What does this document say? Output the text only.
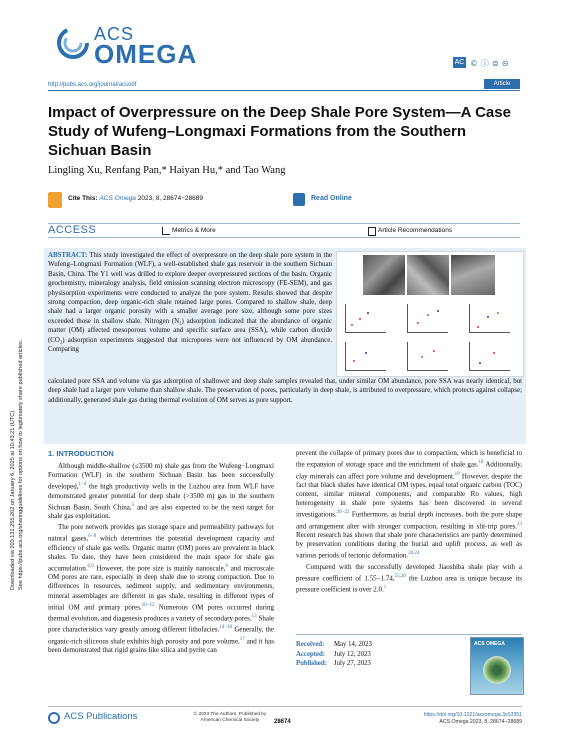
ACS
OMEGA	AC ©ⓘ⊜⊝
http://pubs.acs.org/journal/acsodf	Article
Impact of Overpressure on the Deep Shale Pore System—A Case Study of Wufeng–Longmaxi Formations from the Southern Sichuan Basin
Lingling Xu, Renfang Pan,* Haiyan Hu,* and Tao Wang
Cite This: ACS Omega 2023, 8, 28674−28689	Read Online
ACCESS	Metrics & More	Article Recommendations
ABSTRACT: This study investigated the effect of overpressure on the deep shale pore system in the Wufeng–Longmaxi Formation (WLF), a well-established shale gas reservoir in the southern Sichuan Basin, China. The Y1 well was drilled to explore deeper overpressured sections of the basin. Organic geochemistry, mineralogy analysis, field emission scanning electron microscopy (FE-SEM), and gas physisorption experiments were conducted to analyze the pore system. Results showed that despite strong compaction, deep organic-rich shale retained large pores. Compared to shallow shale, deep shale had a larger organic porosity with a smaller average pore size, although some pore sizes exceeded those in shallow shale. Nitrogen (N₂) adsorption indicated that the abundance of organic matter (OM) affected mesoporous volume and specific surface area (SSA), while carbon dioxide (CO₂) adsorption experiments suggested that micropores were not influenced by OM abundance. Comparing
calculated pore SSA and volume via gas adsorption of shallower and deep shale samples revealed that, under similar OM abundance, pore SSA was nearly identical, but deep shale had a larger pore volume than shallow shale. The preservation of pores, particularly in deep shale, is attributed to overpressure, which protects against collapse; additionally, generated shale gas during thermal evolution of OM serves as pore support.
Downloaded via 203.131.255.202 on January 6, 2025 at 10:43:21 (UTC). See https://pubs.acs.org/sharingguidelines for options on how to legitimately share published articles.	1. INTRODUCTION

Although middle-shallow (≤3500 m) shale gas from the Wufeng−Longmaxi Formation (WLF) in the southern Sichuan Basin has been successfully developed,$^{1-4}$ the high productivity wells in the Luzhou area from WLF have demonstrated greater potential for deep shale (>3500 m) gas in the southern Sichuan Basin, South China,$^5$ and are also expected to be the next target for shale gas exploitation.

The pore network provides gas storage space and permeability pathways for natural gases,$^{6-8}$ which determines the potential development capacity and efficiency of shale gas wells. Organic matter (OM) pores are prevalent in black shales. To date, they have been considered the main space for shale gas accumulation.$^{6,9}$ However, the pore size is mainly nanoscale,$^6$ and microscale OM pores are rare, especially in deep shale due to strong compaction. Due to differences in resources, sediment supply, and sedimentary environments, mineral assemblages are different in gas shale, resulting in different types of initial OM and primary pores.$^{10-12}$ Numerous OM pores occurred during thermal evolution, and diagenesis produces a variety of secondary pores.$^{13}$ Shale pore characteristics vary greatly among different lithofacies.$^{14-16}$ Generally, the organic-rich siliceous shale exhibits high porosity and pore volume,$^{17}$ and it has been demonstrated that rigid grains like silica and pyrite can

prevent the collapse of primary pores due to compaction, which is beneficial to the expansion of storage space and the enrichment of shale gas.$^{18}$ Additionally, clay minerals can affect pore volume and development.$^{19}$ However, despite the fact that black shales have identical OM types, equal total organic carbon (TOC) content, similar mineral components, and comparable Ro values, high heterogeneity in shale pore systems has been discovered in several investigations.$^{20-22}$ Furthermore, as burial depth increases, both the pore shape and arrangement alter with stronger compaction, resulting in slit-trip pores.$^{23}$ Recent research has shown that shale pore characteristics are partly determined by preservation conditions during the burial and uplift process, as well as various periods of tectonic deformation.$^{20,24}$

Compared with the successfully developed Jiaoshiba shale play with a pressure coefficient of 1.55−1.74,$^{25,26}$ the Luzhou area is unique because its pressure coefficient is over 2.0.$^1$

Received: May 14, 2023
Accepted: July 12, 2023
Published: July 27, 2023
ACS OMEGA
ACS Publications	© 2023 The Authors. Published by
American Chemical Society	28674
https://doi.org/10.1021/acsomega.3c03351
ACS Omega 2023, 8, 28674−28689
